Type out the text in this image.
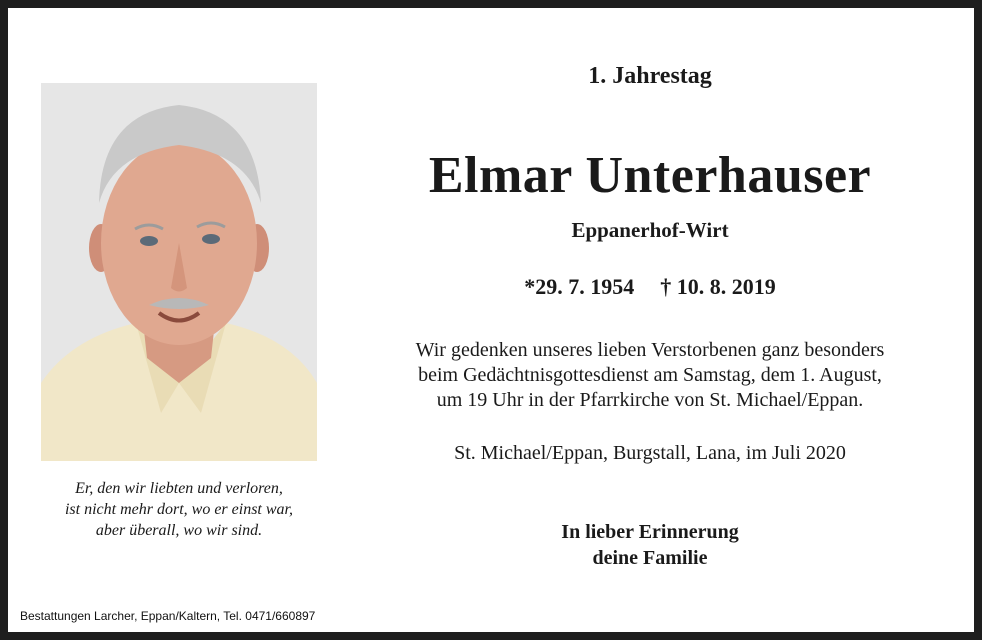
Er, den wir liebten und verloren,
ist nicht mehr dort, wo er einst war,
aber überall, wo wir sind.
Bestattungen Larcher, Eppan/Kaltern, Tel. 0471/660897
1. Jahrestag
Elmar Unterhauser
Eppanerhof-Wirt
*29. 7. 1954 † 10. 8. 2019
Wir gedenken unseres lieben Verstorbenen ganz besonders
beim Gedächtnisgottesdienst am Samstag, dem 1. August,
um 19 Uhr in der Pfarrkirche von St. Michael/Eppan.
St. Michael/Eppan, Burgstall, Lana, im Juli 2020
In lieber Erinnerung
deine Familie
